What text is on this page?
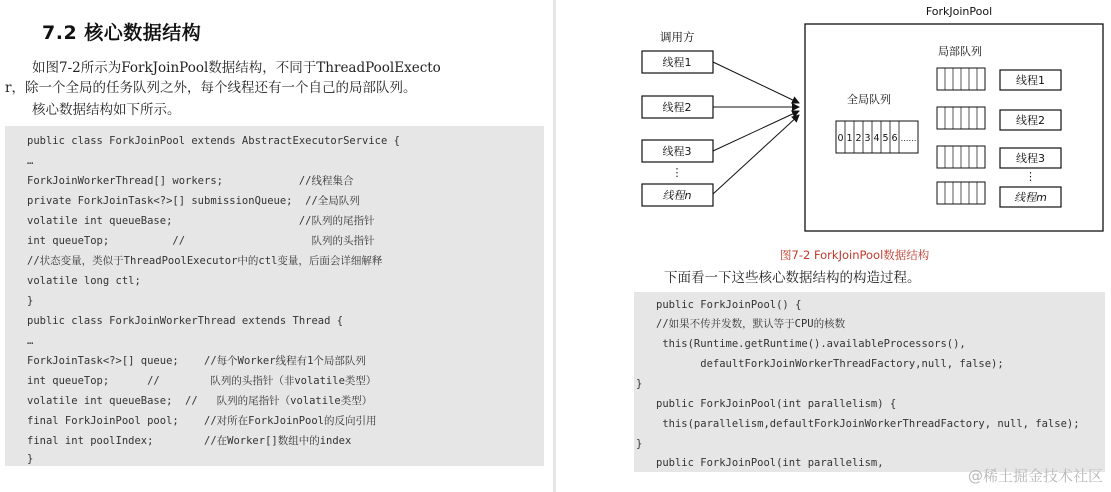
7.2 核心数据结构
如图7-2所示为ForkJoinPool数据结构，不同于ThreadPoolExecto
r，除一个全局的任务队列之外，每个线程还有一个自己的局部队列。
核心数据结构如下所示。
public class ForkJoinPool extends AbstractExecutorService {
…
ForkJoinWorkerThread[] workers;            //线程集合
private ForkJoinTask<?>[] submissionQueue;  //全局队列
volatile int queueBase;                    //队列的尾指针
int queueTop;          //                    队列的头指针
//状态变量，类似于ThreadPoolExecutor中的ctl变量，后面会详细解释
volatile long ctl;
}
public class ForkJoinWorkerThread extends Thread {
…
ForkJoinTask<?>[] queue;    //每个Worker线程有1个局部队列
int queueTop;      //        队列的头指针（非volatile类型）
volatile int queueBase;  //   队列的尾指针（volatile类型）
final ForkJoinPool pool;    //对所在ForkJoinPool的反向引用
final int poolIndex;        //在Worker[]数组中的index
}
调用方
线程1
线程2
线程3
⋮
线程n
ForkJoinPool
全局队列
0 1 2 3 4 5 6 ……
局部队列
线程1
线程2
线程3
⋮
线程m
图7-2 ForkJoinPool数据结构
下面看一下这些核心数据结构的构造过程。
public ForkJoinPool() {
//如果不传并发数，默认等于CPU的核数
this(Runtime.getRuntime().availableProcessors(),
defaultForkJoinWorkerThreadFactory,null, false);
}
public ForkJoinPool(int parallelism) {
this(parallelism,defaultForkJoinWorkerThreadFactory, null, false);
}
public ForkJoinPool(int parallelism,
@稀土掘金技术社区
